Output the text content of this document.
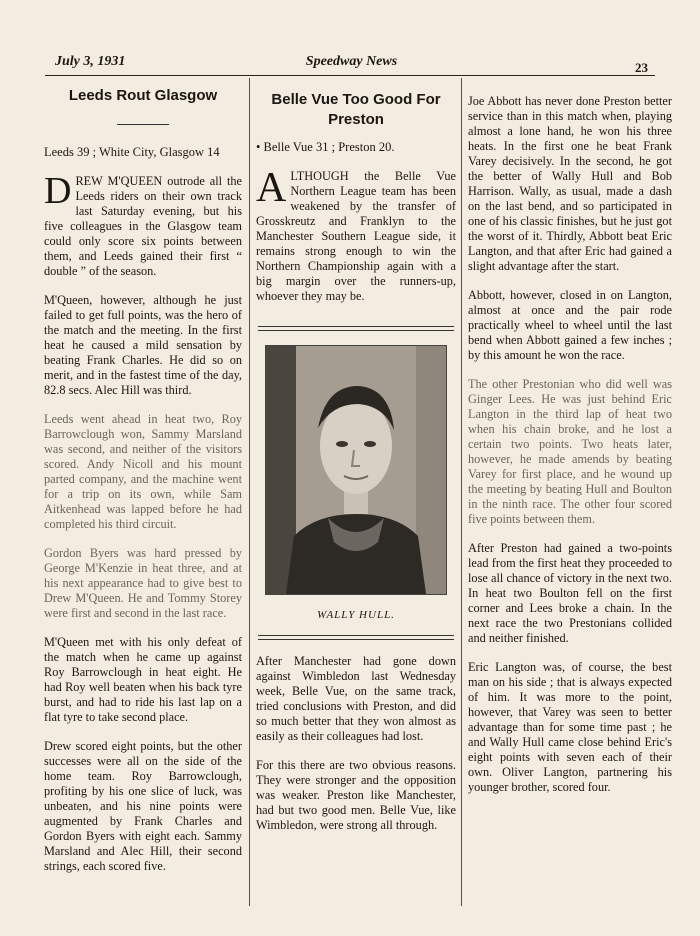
July 3, 1931	Speedway News	23
Leeds Rout Glasgow
Leeds 39 ; White City, Glasgow 14

DREW M'QUEEN outrode all the Leeds riders on their own track last Saturday evening, but his five colleagues in the Glasgow team could only score six points between them, and Leeds gained their first “ double ” of the season.

M'Queen, however, although he just failed to get full points, was the hero of the match and the meeting. In the first heat he caused a mild sensation by beating Frank Charles. He did so on merit, and in the fastest time of the day, 82.8 secs. Alec Hill was third.

Leeds went ahead in heat two, Roy Barrowclough won, Sammy Marsland was second, and neither of the visitors scored. Andy Nicoll and his mount parted company, and the machine went for a trip on its own, while Sam Aitkenhead was lapped before he had completed his third circuit.

Gordon Byers was hard pressed by George M'Kenzie in heat three, and at his next appearance had to give best to Drew M'Queen. He and Tommy Storey were first and second in the last race.

M'Queen met with his only defeat of the match when he came up against Roy Barrowclough in heat eight. He had Roy well beaten when his back tyre burst, and had to ride his last lap on a flat tyre to take second place.

Drew scored eight points, but the other successes were all on the side of the home team. Roy Barrowclough, profiting by his one slice of luck, was unbeaten, and his nine points were augmented by Frank Charles and Gordon Byers with eight each. Sammy Marsland and Alec Hill, their second strings, each scored five.

Belle Vue Too Good For Preston
• Belle Vue 31 ; Preston 20.

ALTHOUGH the Belle Vue Northern League team has been weakened by the transfer of Grosskreutz and Franklyn to the Manchester Southern League side, it remains strong enough to win the Northern Championship again with a big margin over the runners-up, whoever they may be.

WALLY HULL.

After Manchester had gone down against Wimbledon last Wednesday week, Belle Vue, on the same track, tried conclusions with Preston, and did so much better that they won almost as easily as their colleagues had lost.

For this there are two obvious reasons. They were stronger and the opposition was weaker. Preston like Manchester, had but two good men. Belle Vue, like Wimbledon, were strong all through.

Joe Abbott has never done Preston better service than in this match when, playing almost a lone hand, he won his three heats. In the first one he beat Frank Varey decisively. In the second, he got the better of Wally Hull and Bob Harrison. Wally, as usual, made a dash on the last bend, and so participated in one of his classic finishes, but he just got the worst of it. Thirdly, Abbott beat Eric Langton, and that after Eric had gained a slight advantage after the start.

Abbott, however, closed in on Langton, almost at once and the pair rode practically wheel to wheel until the last bend when Abbott gained a few inches ; by this amount he won the race.

The other Prestonian who did well was Ginger Lees. He was just behind Eric Langton in the third lap of heat two when his chain broke, and he lost a certain two points. Two heats later, however, he made amends by beating Varey for first place, and he wound up the meeting by beating Hull and Boulton in the ninth race. The other four scored five points between them.

After Preston had gained a two-points lead from the first heat they proceeded to lose all chance of victory in the next two. In heat two Boulton fell on the first corner and Lees broke a chain. In the next race the two Prestonians collided and neither finished.

Eric Langton was, of course, the best man on his side ; that is always expected of him. It was more to the point, however, that Varey was seen to better advantage than for some time past ; he and Wally Hull came close behind Eric's eight points with seven each of their own. Oliver Langton, partnering his younger brother, scored four.
